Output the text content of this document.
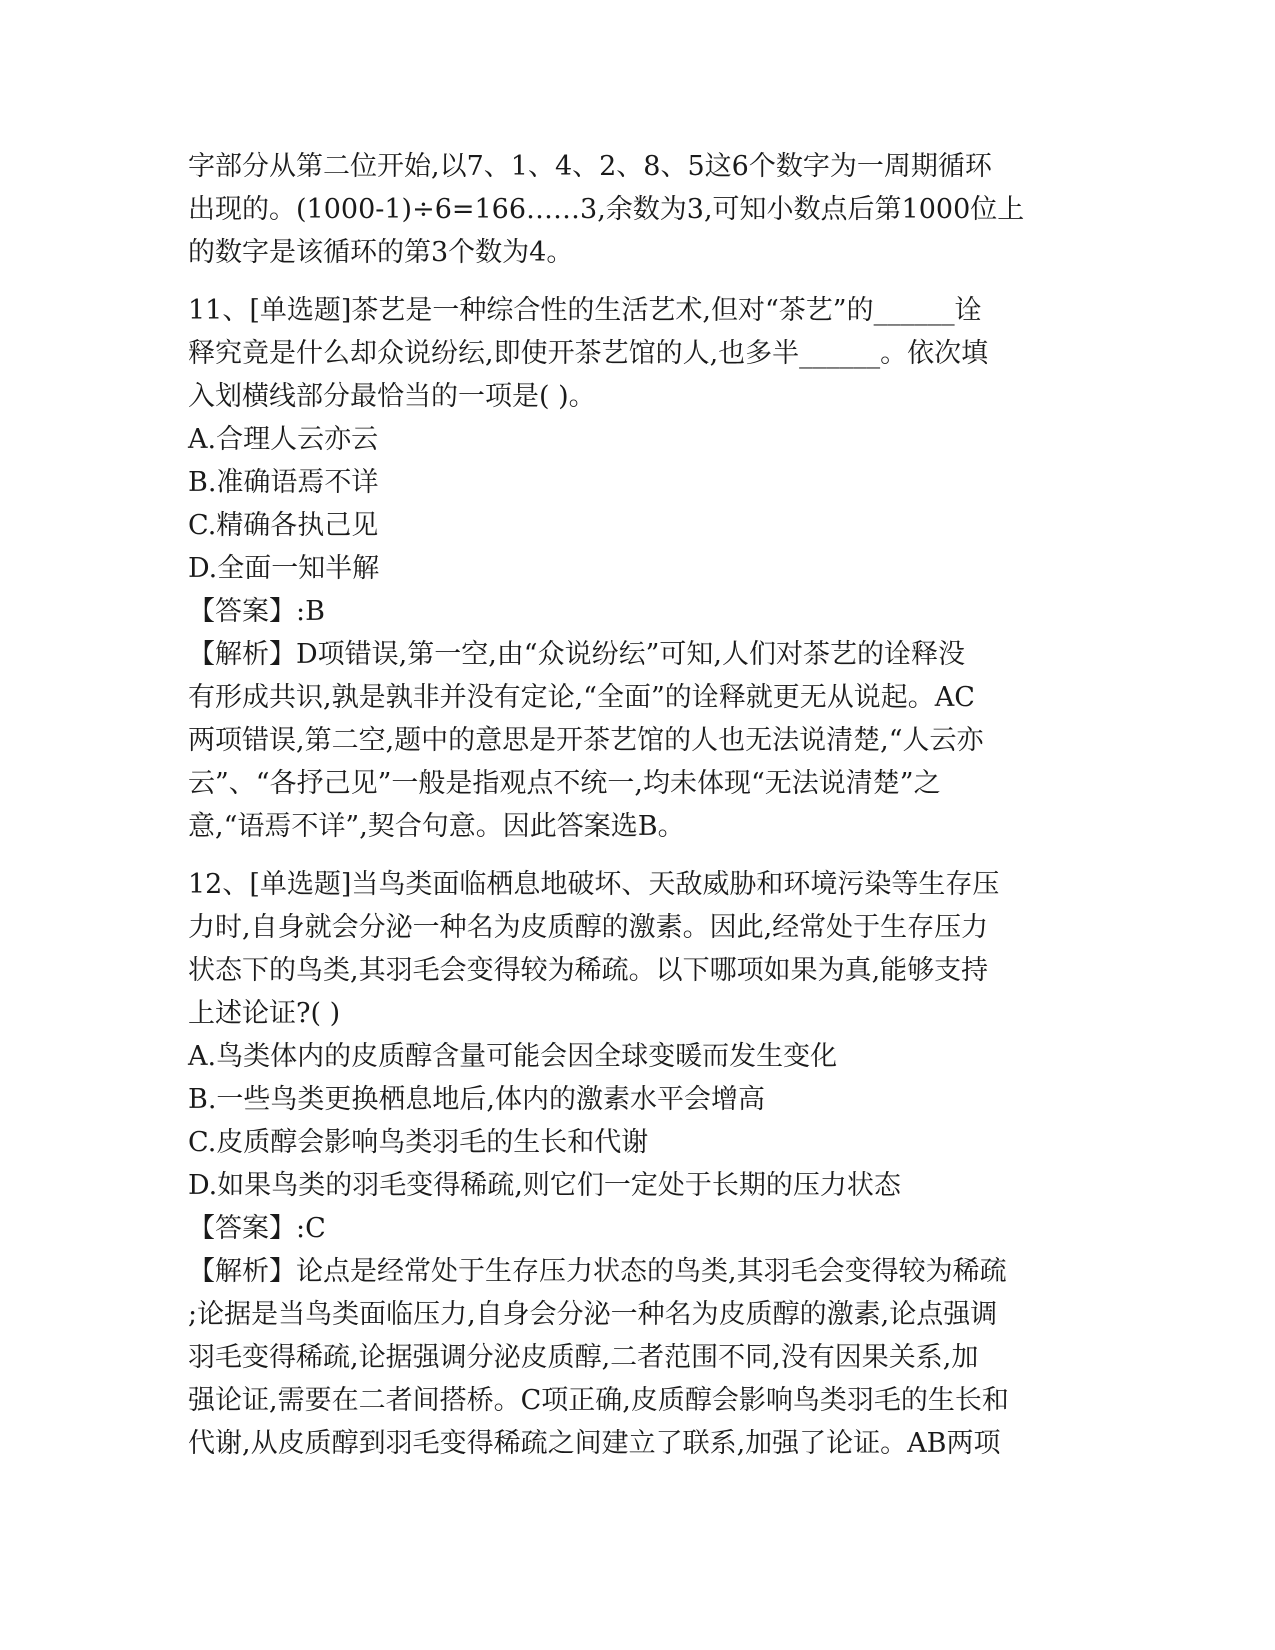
字部分从第二位开始,以7、1、4、2、8、5这6个数字为一周期循环
出现的。(1000-1)÷6=166……3,余数为3,可知小数点后第1000位上
的数字是该循环的第3个数为4。
11、[单选题]茶艺是一种综合性的生活艺术,但对“茶艺”的______诠
释究竟是什么却众说纷纭,即使开茶艺馆的人,也多半______。依次填
入划横线部分最恰当的一项是( )。
A.合理人云亦云
B.准确语焉不详
C.精确各执己见
D.全面一知半解
【答案】:B
【解析】D项错误,第一空,由“众说纷纭”可知,人们对茶艺的诠释没
有形成共识,孰是孰非并没有定论,“全面”的诠释就更无从说起。AC
两项错误,第二空,题中的意思是开茶艺馆的人也无法说清楚,“人云亦
云”、“各抒己见”一般是指观点不统一,均未体现“无法说清楚”之
意,“语焉不详”,契合句意。因此答案选B。
12、[单选题]当鸟类面临栖息地破坏、天敌威胁和环境污染等生存压
力时,自身就会分泌一种名为皮质醇的激素。因此,经常处于生存压力
状态下的鸟类,其羽毛会变得较为稀疏。以下哪项如果为真,能够支持
上述论证?( )
A.鸟类体内的皮质醇含量可能会因全球变暖而发生变化
B.一些鸟类更换栖息地后,体内的激素水平会增高
C.皮质醇会影响鸟类羽毛的生长和代谢
D.如果鸟类的羽毛变得稀疏,则它们一定处于长期的压力状态
【答案】:C
【解析】论点是经常处于生存压力状态的鸟类,其羽毛会变得较为稀疏
;论据是当鸟类面临压力,自身会分泌一种名为皮质醇的激素,论点强调
羽毛变得稀疏,论据强调分泌皮质醇,二者范围不同,没有因果关系,加
强论证,需要在二者间搭桥。C项正确,皮质醇会影响鸟类羽毛的生长和
代谢,从皮质醇到羽毛变得稀疏之间建立了联系,加强了论证。AB两项
